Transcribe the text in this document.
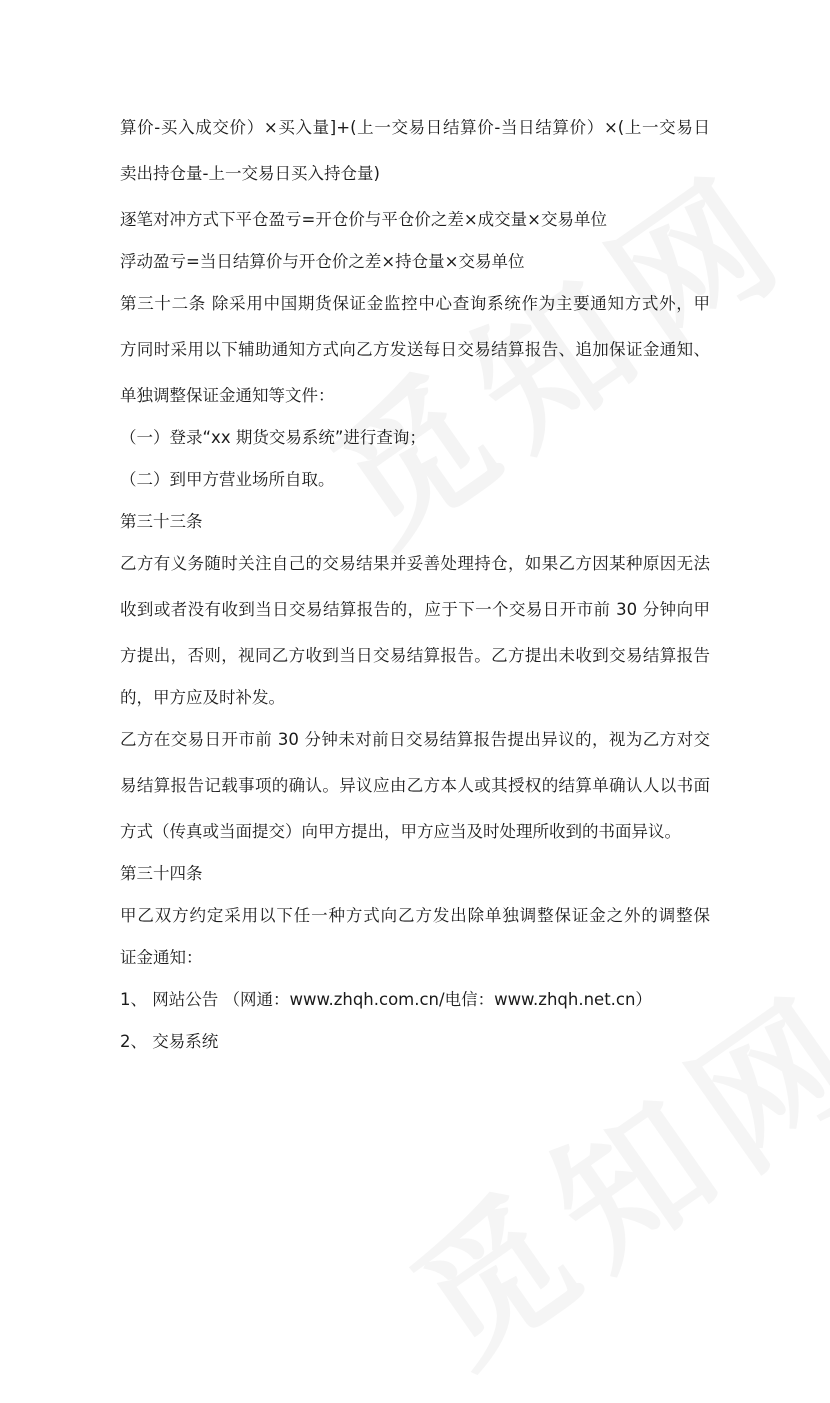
算价-买入成交价）×买入量]+(上一交易日结算价-当日结算价）×(上一交易日
卖出持仓量-上一交易日买入持仓量)
逐笔对冲方式下平仓盈亏=开仓价与平仓价之差×成交量×交易单位
浮动盈亏=当日结算价与开仓价之差×持仓量×交易单位
第三十二条 除采用中国期货保证金监控中心查询系统作为主要通知方式外，甲
方同时采用以下辅助通知方式向乙方发送每日交易结算报告、追加保证金通知、
单独调整保证金通知等文件：
（一）登录“xx 期货交易系统”进行查询；
（二）到甲方营业场所自取。
第三十三条
乙方有义务随时关注自己的交易结果并妥善处理持仓，如果乙方因某种原因无法
收到或者没有收到当日交易结算报告的，应于下一个交易日开市前 30 分钟向甲
方提出，否则，视同乙方收到当日交易结算报告。乙方提出未收到交易结算报告
的，甲方应及时补发。
乙方在交易日开市前 30 分钟未对前日交易结算报告提出异议的，视为乙方对交
易结算报告记载事项的确认。异议应由乙方本人或其授权的结算单确认人以书面
方式（传真或当面提交）向甲方提出，甲方应当及时处理所收到的书面异议。
第三十四条
甲乙双方约定采用以下任一种方式向乙方发出除单独调整保证金之外的调整保
证金通知：
1、 网站公告 （网通：www.zhqh.com.cn/电信：www.zhqh.net.cn）
2、 交易系统
